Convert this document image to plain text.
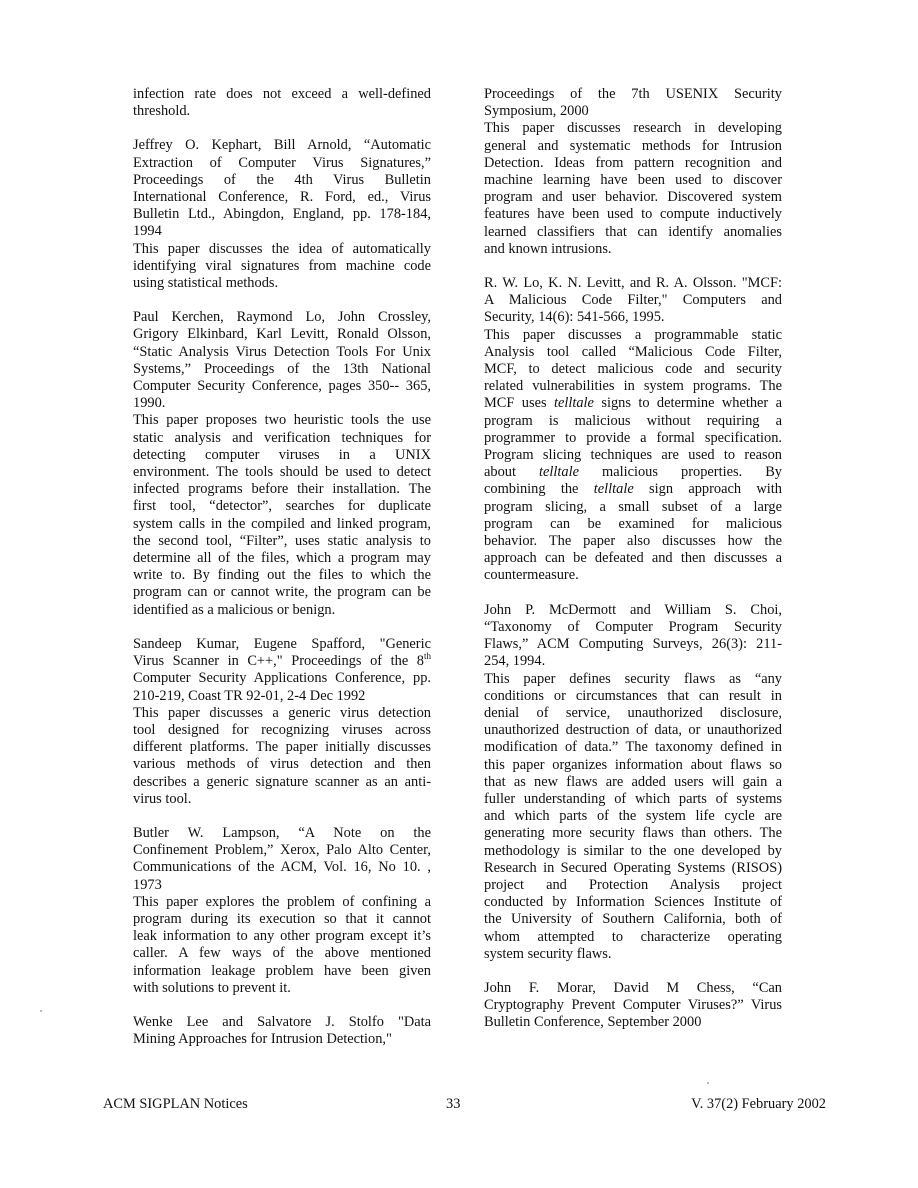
infection rate does not exceed a well-defined
threshold.
Jeffrey O. Kephart, Bill Arnold, “Automatic
Extraction of Computer Virus Signatures,”
Proceedings of the 4th Virus Bulletin
International Conference, R. Ford, ed., Virus
Bulletin Ltd., Abingdon, England, pp. 178-184,
1994
This paper discusses the idea of automatically
identifying viral signatures from machine code
using statistical methods.
Paul Kerchen, Raymond Lo, John Crossley,
Grigory Elkinbard, Karl Levitt, Ronald Olsson,
“Static Analysis Virus Detection Tools For Unix
Systems,” Proceedings of the 13th National
Computer Security Conference, pages 350-- 365,
1990.
This paper proposes two heuristic tools the use
static analysis and verification techniques for
detecting computer viruses in a UNIX
environment. The tools should be used to detect
infected programs before their installation. The
first tool, “detector”, searches for duplicate
system calls in the compiled and linked program,
the second tool, “Filter”, uses static analysis to
determine all of the files, which a program may
write to. By finding out the files to which the
program can or cannot write, the program can be
identified as a malicious or benign.
Sandeep Kumar, Eugene Spafford, "Generic
Virus Scanner in C++," Proceedings of the 8th
Computer Security Applications Conference, pp.
210-219, Coast TR 92-01, 2-4 Dec 1992
This paper discusses a generic virus detection
tool designed for recognizing viruses across
different platforms. The paper initially discusses
various methods of virus detection and then
describes a generic signature scanner as an anti-
virus tool.
Butler W. Lampson, “A Note on the
Confinement Problem,” Xerox, Palo Alto Center,
Communications of the ACM, Vol. 16, No 10. ,
1973
This paper explores the problem of confining a
program during its execution so that it cannot
leak information to any other program except it’s
caller. A few ways of the above mentioned
information leakage problem have been given
with solutions to prevent it.
Wenke Lee and Salvatore J. Stolfo "Data
Mining Approaches for Intrusion Detection,"
Proceedings of the 7th USENIX Security
Symposium, 2000
This paper discusses research in developing
general and systematic methods for Intrusion
Detection. Ideas from pattern recognition and
machine learning have been used to discover
program and user behavior. Discovered system
features have been used to compute inductively
learned classifiers that can identify anomalies
and known intrusions.
R. W. Lo, K. N. Levitt, and R. A. Olsson. "MCF:
A Malicious Code Filter," Computers and
Security, 14(6): 541-566, 1995.
This paper discusses a programmable static
Analysis tool called “Malicious Code Filter,
MCF, to detect malicious code and security
related vulnerabilities in system programs. The
MCF uses telltale signs to determine whether a
program is malicious without requiring a
programmer to provide a formal specification.
Program slicing techniques are used to reason
about telltale malicious properties. By
combining the telltale sign approach with
program slicing, a small subset of a large
program can be examined for malicious
behavior. The paper also discusses how the
approach can be defeated and then discusses a
countermeasure.
John P. McDermott and William S. Choi,
“Taxonomy of Computer Program Security
Flaws,” ACM Computing Surveys, 26(3): 211-
254, 1994.
This paper defines security flaws as “any
conditions or circumstances that can result in
denial of service, unauthorized disclosure,
unauthorized destruction of data, or unauthorized
modification of data.” The taxonomy defined in
this paper organizes information about flaws so
that as new flaws are added users will gain a
fuller understanding of which parts of systems
and which parts of the system life cycle are
generating more security flaws than others. The
methodology is similar to the one developed by
Research in Secured Operating Systems (RISOS)
project and Protection Analysis project
conducted by Information Sciences Institute of
the University of Southern California, both of
whom attempted to characterize operating
system security flaws.
John F. Morar, David M Chess, “Can
Cryptography Prevent Computer Viruses?” Virus
Bulletin Conference, September 2000
ACM SIGPLAN Notices	33	V. 37(2) February 2002
